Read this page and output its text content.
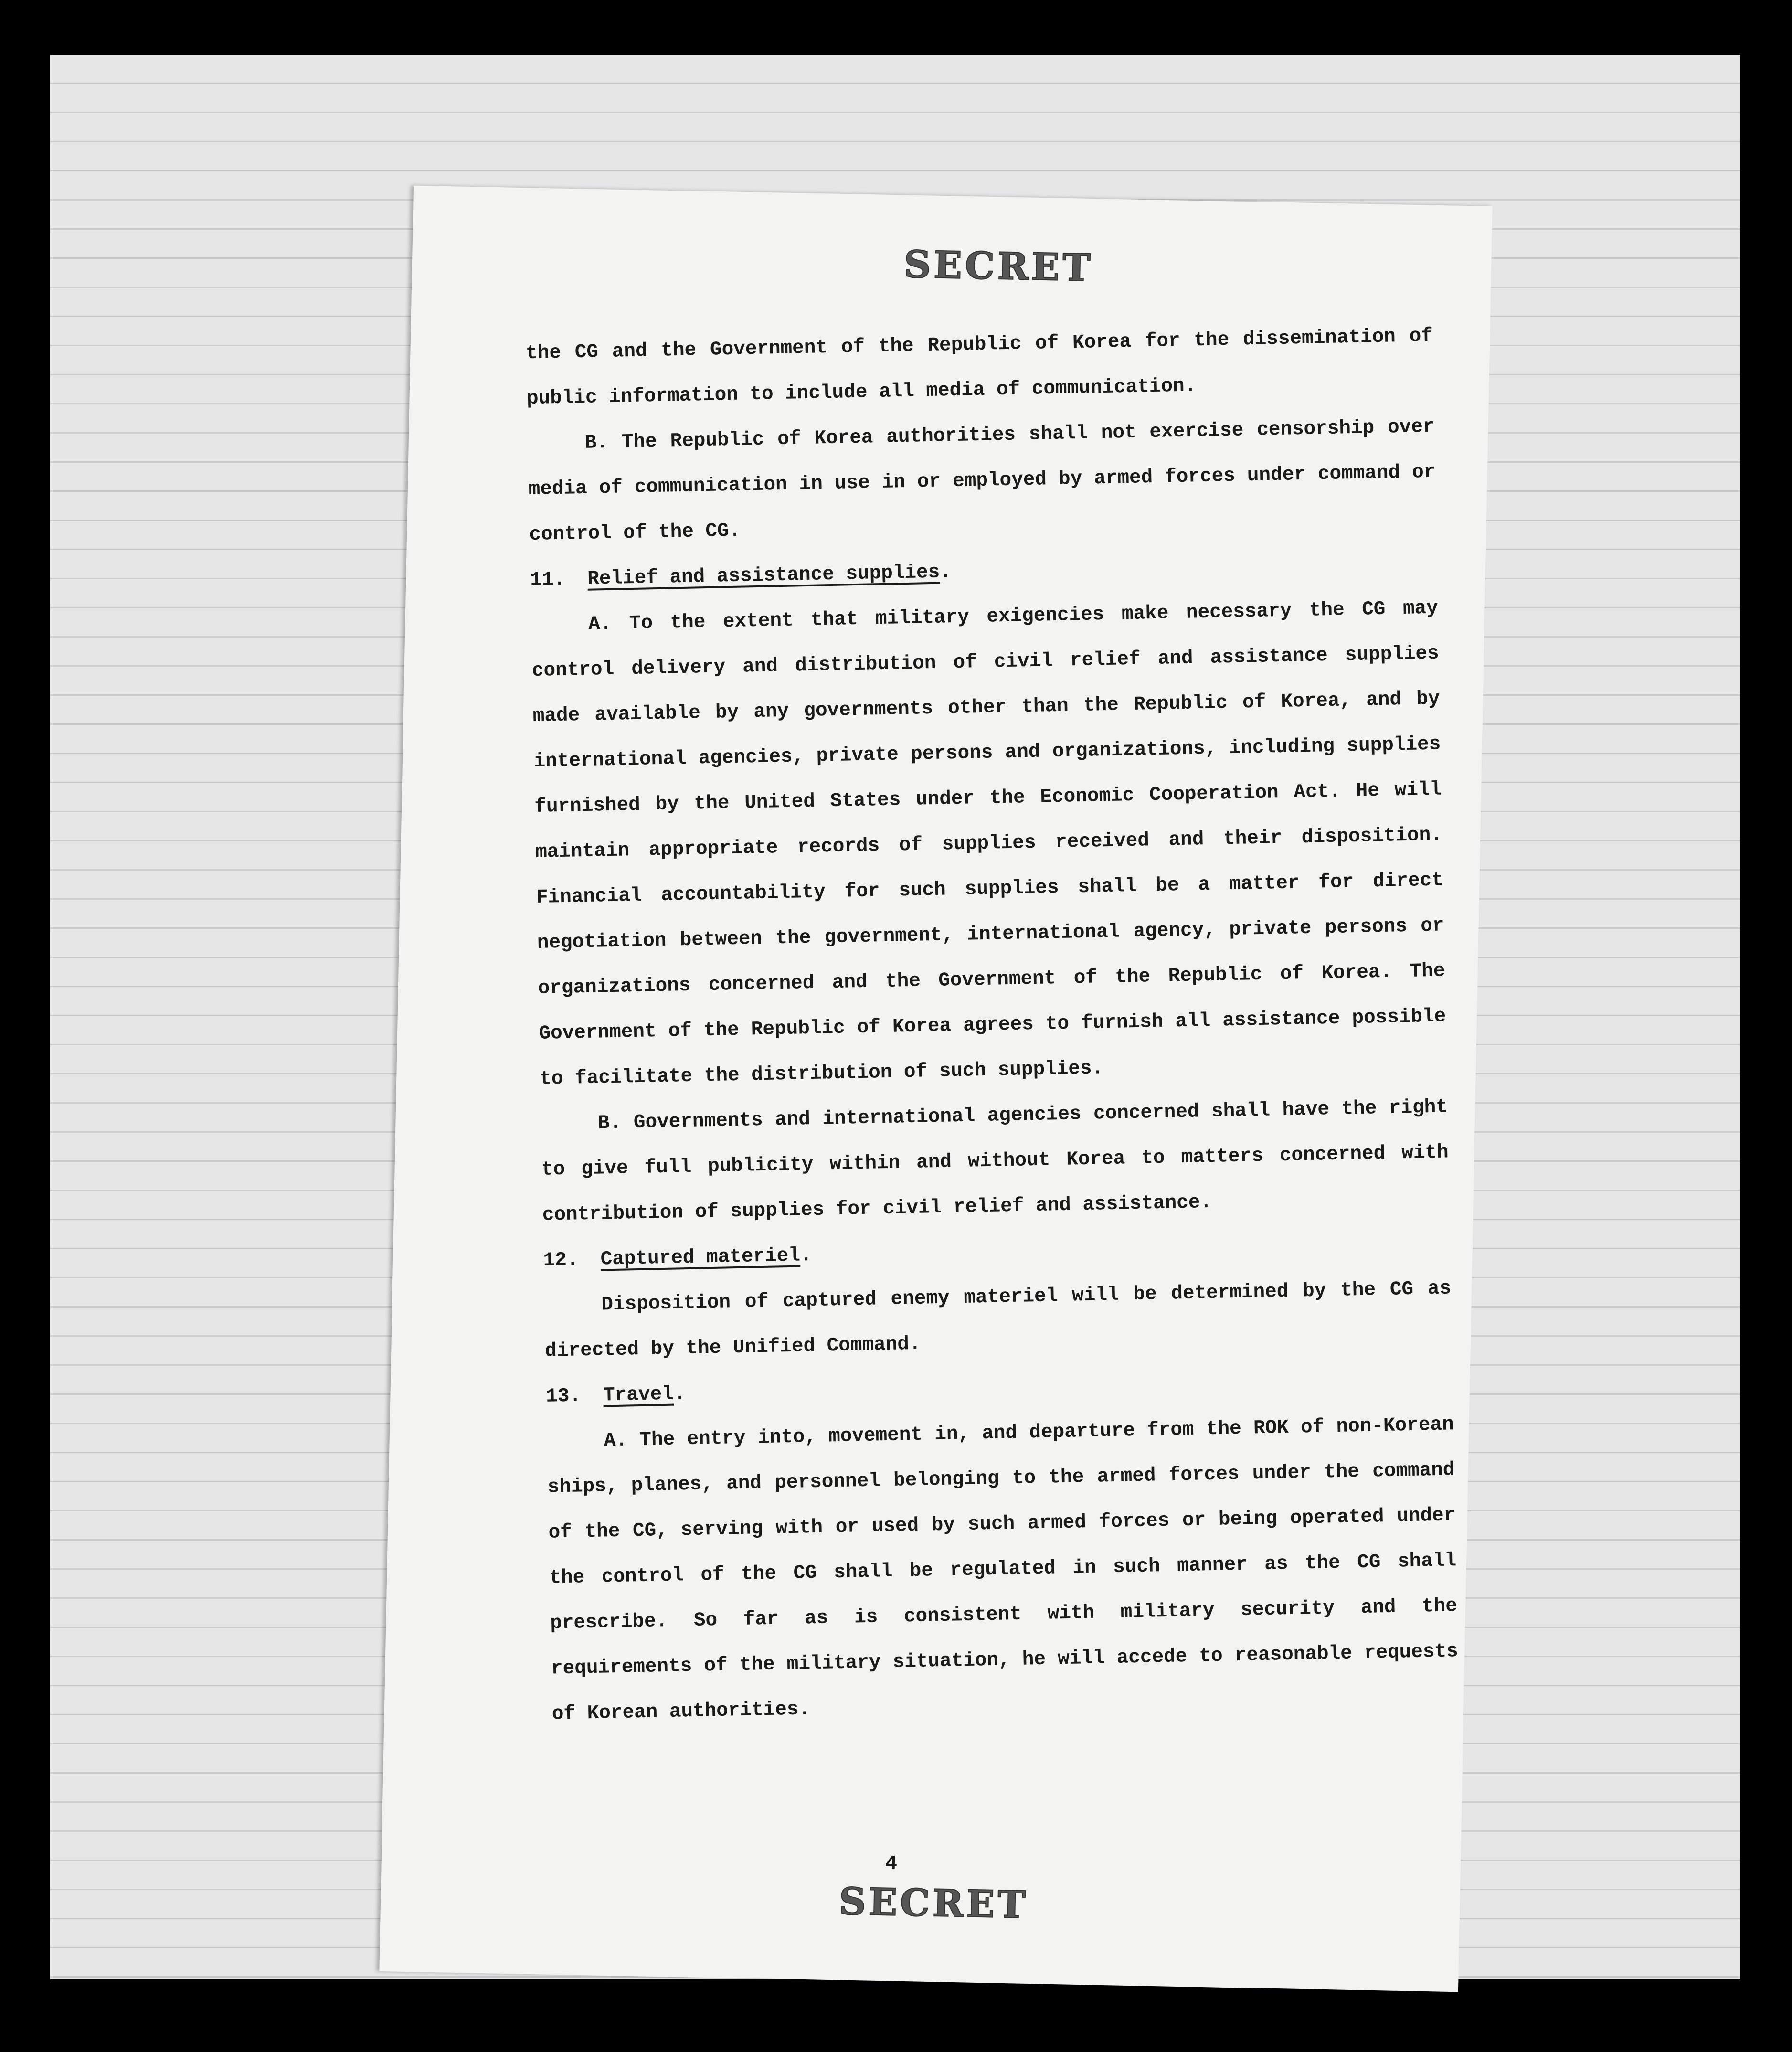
SECRET

the CG and the Government of the Republic of Korea for the dissemination of public information to include all media of communication.

B. The Republic of Korea authorities shall not exercise censorship over media of communication in use in or employed by armed forces under command or control of the CG.

11. Relief and assistance supplies.

A. To the extent that military exigencies make necessary the CG may control delivery and distribution of civil relief and assistance supplies made available by any governments other than the Republic of Korea, and by international agencies, private persons and organizations, including supplies furnished by the United States under the Economic Cooperation Act. He will maintain appropriate records of supplies received and their disposition. Financial accountability for such supplies shall be a matter for direct negotiation between the government, international agency, private persons or organizations concerned and the Government of the Republic of Korea. The Government of the Republic of Korea agrees to furnish all assistance possible to facilitate the distribution of such supplies.

B. Governments and international agencies concerned shall have the right to give full publicity within and without Korea to matters concerned with contribution of supplies for civil relief and assistance.

12. Captured materiel.

Disposition of captured enemy materiel will be determined by the CG as directed by the Unified Command.

13. Travel.

A. The entry into, movement in, and departure from the ROK of non-Korean ships, planes, and personnel belonging to the armed forces under the command of the CG, serving with or used by such armed forces or being operated under the control of the CG shall be regulated in such manner as the CG shall prescribe. So far as is consistent with military security and the requirements of the military situation, he will accede to reasonable requests of Korean authorities.

4
SECRET
